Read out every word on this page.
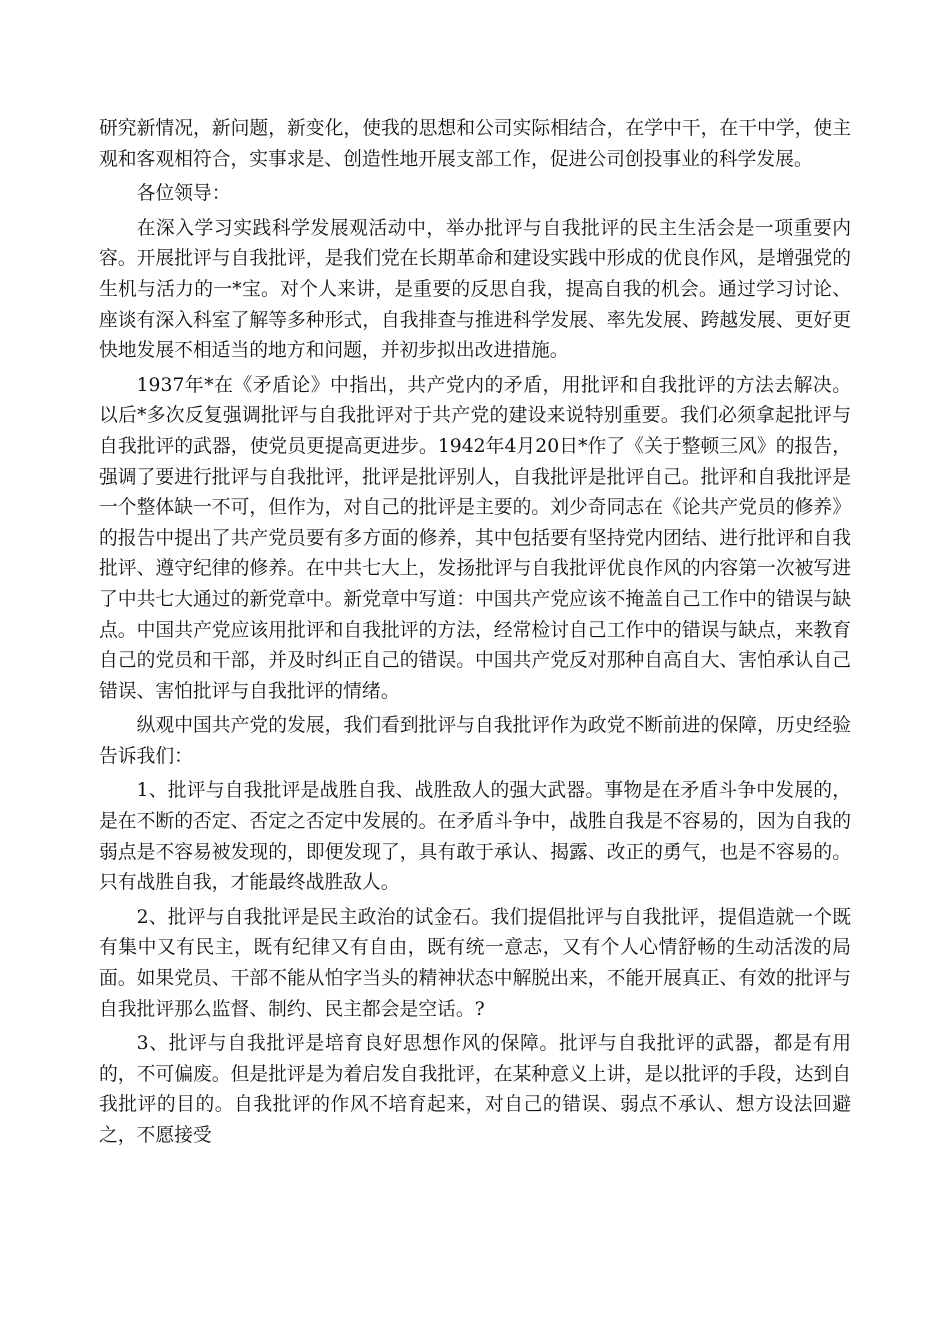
研究新情况，新问题，新变化，使我的思想和公司实际相结合，在学中干，在干中学，使主观和客观相符合，实事求是、创造性地开展支部工作，促进公司创投事业的科学发展。

各位领导：

在深入学习实践科学发展观活动中，举办批评与自我批评的民主生活会是一项重要内容。开展批评与自我批评，是我们党在长期革命和建设实践中形成的优良作风，是增强党的生机与活力的一*宝。对个人来讲，是重要的反思自我，提高自我的机会。通过学习讨论、座谈有深入科室了解等多种形式，自我排查与推进科学发展、率先发展、跨越发展、更好更快地发展不相适当的地方和问题，并初步拟出改进措施。

1937年*在《矛盾论》中指出，共产党内的矛盾，用批评和自我批评的方法去解决。以后*多次反复强调批评与自我批评对于共产党的建设来说特别重要。我们必须拿起批评与自我批评的武器，使党员更提高更进步。1942年4月20日*作了《关于整顿三风》的报告，强调了要进行批评与自我批评，批评是批评别人，自我批评是批评自己。批评和自我批评是一个整体缺一不可，但作为，对自己的批评是主要的。刘少奇同志在《论共产党员的修养》的报告中提出了共产党员要有多方面的修养，其中包括要有坚持党内团结、进行批评和自我批评、遵守纪律的修养。在中共七大上，发扬批评与自我批评优良作风的内容第一次被写进了中共七大通过的新党章中。新党章中写道：中国共产党应该不掩盖自己工作中的错误与缺点。中国共产党应该用批评和自我批评的方法，经常检讨自己工作中的错误与缺点，来教育自己的党员和干部，并及时纠正自己的错误。中国共产党反对那种自高自大、害怕承认自己错误、害怕批评与自我批评的情绪。

纵观中国共产党的发展，我们看到批评与自我批评作为政党不断前进的保障，历史经验告诉我们：

1、批评与自我批评是战胜自我、战胜敌人的强大武器。事物是在矛盾斗争中发展的，是在不断的否定、否定之否定中发展的。在矛盾斗争中，战胜自我是不容易的，因为自我的弱点是不容易被发现的，即便发现了，具有敢于承认、揭露、改正的勇气，也是不容易的。只有战胜自我，才能最终战胜敌人。

2、批评与自我批评是民主政治的试金石。我们提倡批评与自我批评，提倡造就一个既有集中又有民主，既有纪律又有自由，既有统一意志，又有个人心情舒畅的生动活泼的局面。如果党员、干部不能从怕字当头的精神状态中解脱出来，不能开展真正、有效的批评与自我批评那么监督、制约、民主都会是空话。?

3、批评与自我批评是培育良好思想作风的保障。批评与自我批评的武器，都是有用的，不可偏废。但是批评是为着启发自我批评，在某种意义上讲，是以批评的手段，达到自我批评的目的。自我批评的作风不培育起来，对自己的错误、弱点不承认、想方设法回避之，不愿接受
